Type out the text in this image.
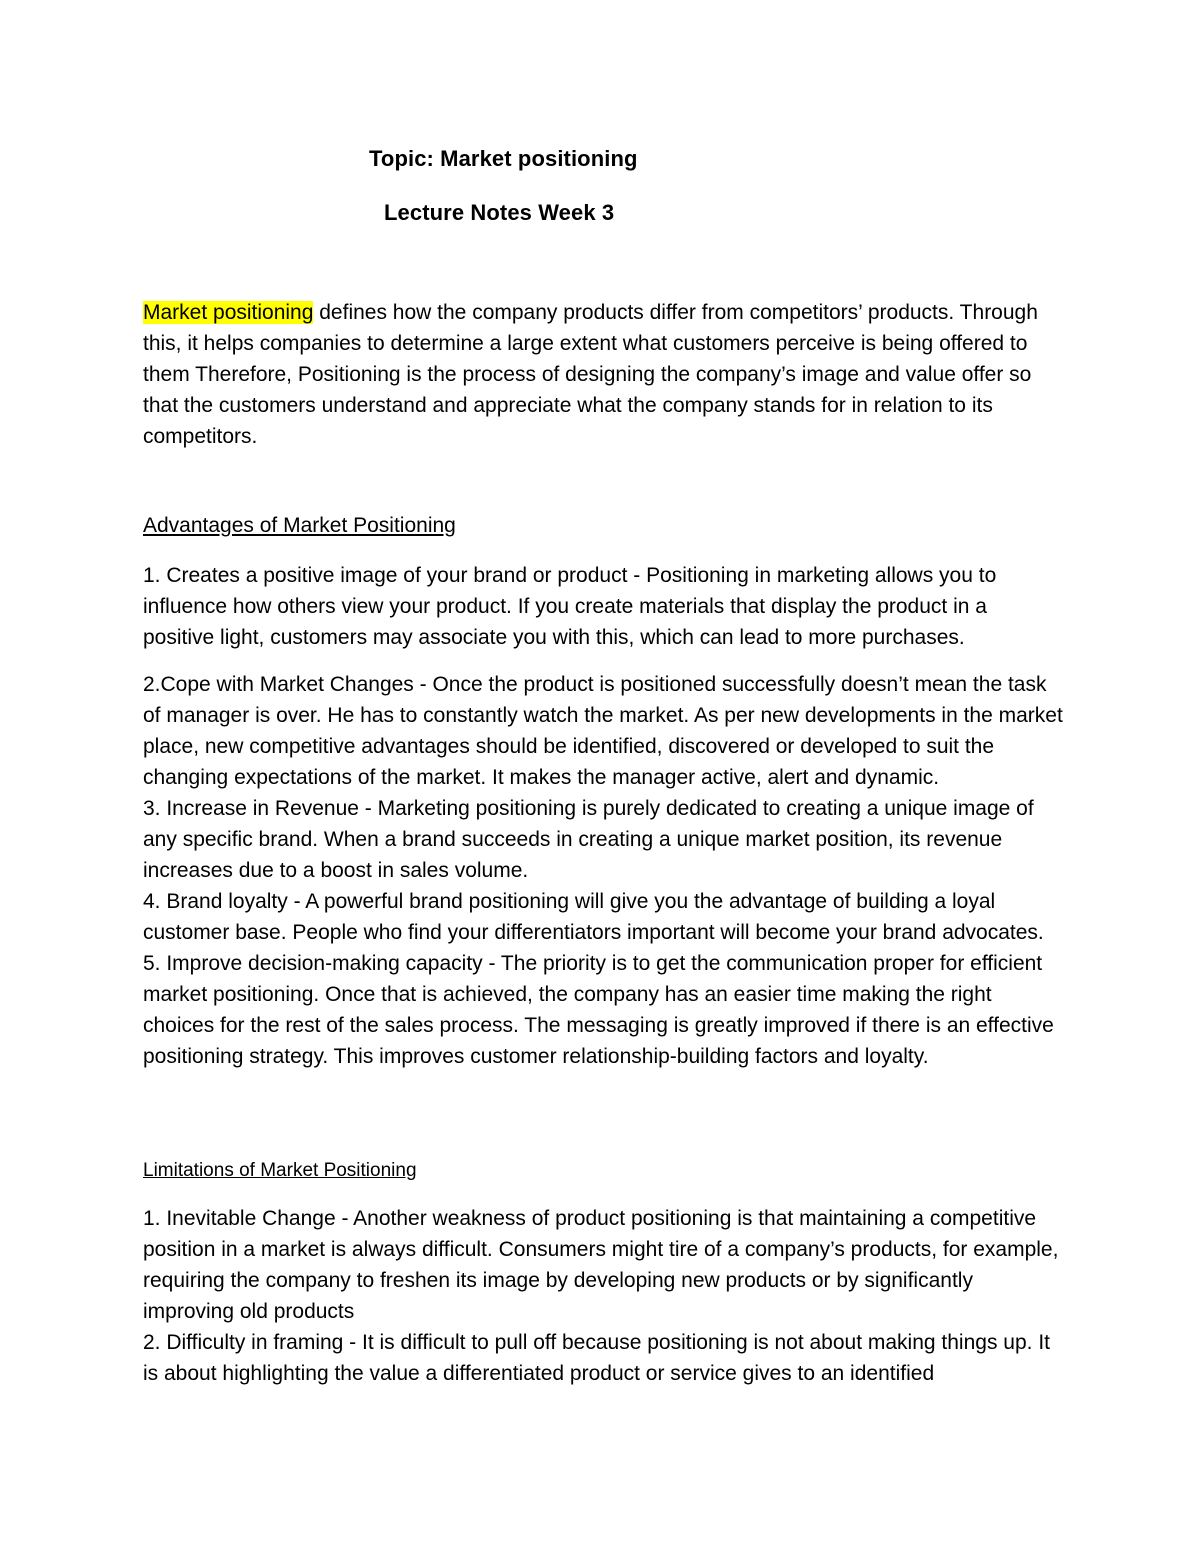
Topic: Market positioning
Lecture Notes Week 3

Market positioning defines how the company products differ from competitors’ products. Through this, it helps companies to determine a large extent what customers perceive is being offered to them Therefore, Positioning is the process of designing the company’s image and value offer so that the customers understand and appreciate what the company stands for in relation to its competitors.

Advantages of Market Positioning

1. Creates a positive image of your brand or product - Positioning in marketing allows you to influence how others view your product. If you create materials that display the product in a positive light, customers may associate you with this, which can lead to more purchases.

2.Cope with Market Changes - Once the product is positioned successfully doesn’t mean the task of manager is over. He has to constantly watch the market. As per new developments in the market place, new competitive advantages should be identified, discovered or developed to suit the changing expectations of the market. It makes the manager active, alert and dynamic.

3. Increase in Revenue - Marketing positioning is purely dedicated to creating a unique image of any specific brand. When a brand succeeds in creating a unique market position, its revenue increases due to a boost in sales volume.

4. Brand loyalty - A powerful brand positioning will give you the advantage of building a loyal customer base. People who find your differentiators important will become your brand advocates.

5. Improve decision-making capacity - The priority is to get the communication proper for efficient market positioning. Once that is achieved, the company has an easier time making the right choices for the rest of the sales process. The messaging is greatly improved if there is an effective positioning strategy. This improves customer relationship-building factors and loyalty.

Limitations of Market Positioning

1. Inevitable Change - Another weakness of product positioning is that maintaining a competitive position in a market is always difficult. Consumers might tire of a company’s products, for example, requiring the company to freshen its image by developing new products or by significantly improving old products

2. Difficulty in framing - It is difficult to pull off because positioning is not about making things up. It is about highlighting the value a differentiated product or service gives to an identified
